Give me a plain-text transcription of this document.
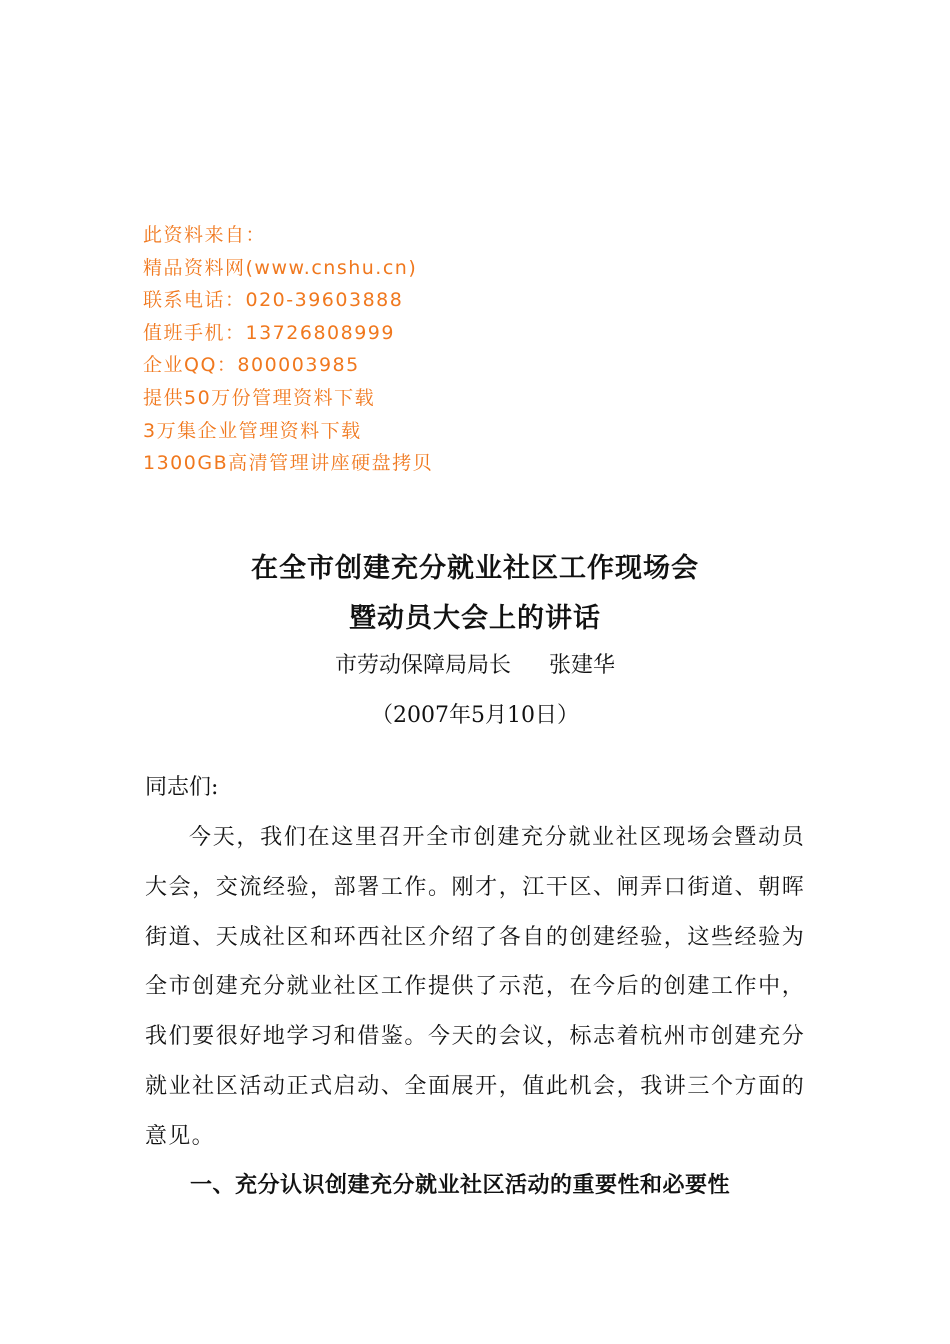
此资料来自：
精品资料网(www.cnshu.cn)
联系电话：020-39603888
值班手机：13726808999
企业QQ：800003985
提供50万份管理资料下载
3万集企业管理资料下载
1300GB高清管理讲座硬盘拷贝
在全市创建充分就业社区工作现场会
暨动员大会上的讲话
市劳动保障局局长 张建华
（2007年5月10日）
同志们:

今天，我们在这里召开全市创建充分就业社区现场会暨动员大会，交流经验，部署工作。刚才，江干区、闸弄口街道、朝晖街道、天成社区和环西社区介绍了各自的创建经验，这些经验为全市创建充分就业社区工作提供了示范，在今后的创建工作中，我们要很好地学习和借鉴。今天的会议，标志着杭州市创建充分就业社区活动正式启动、全面展开，值此机会，我讲三个方面的意见。

一、充分认识创建充分就业社区活动的重要性和必要性
